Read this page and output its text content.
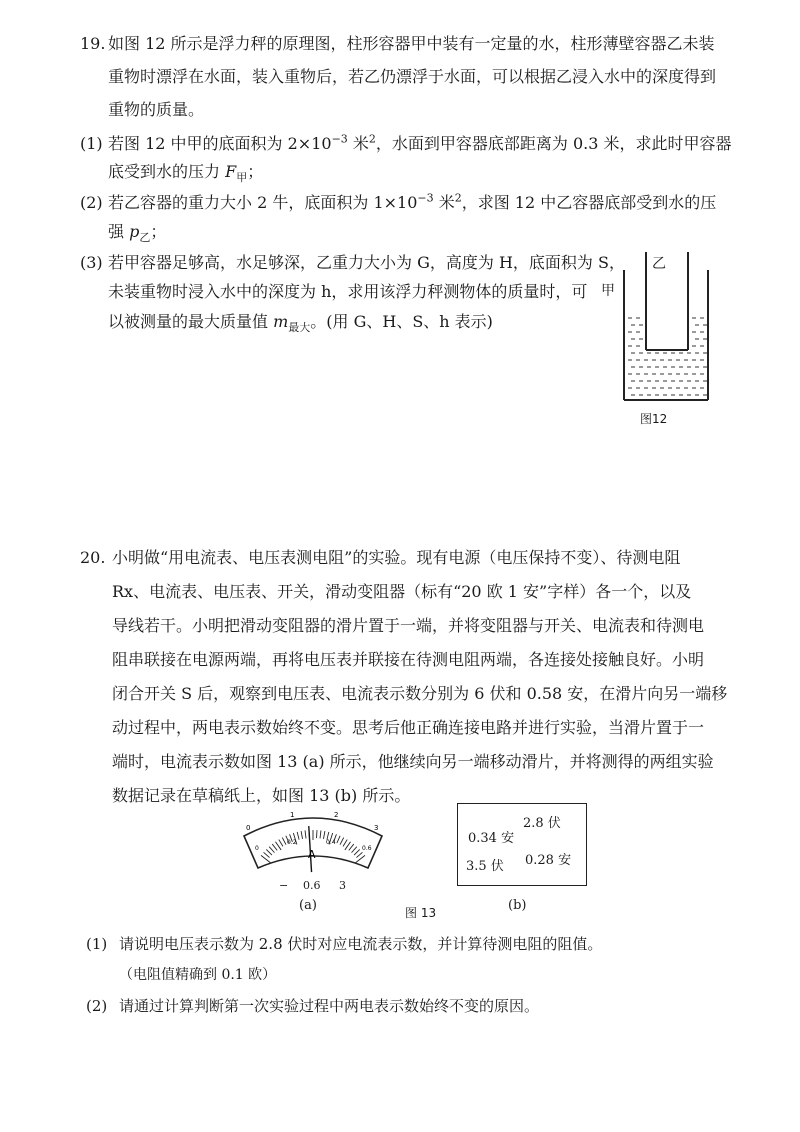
19. 如图 12 所示是浮力秤的原理图，柱形容器甲中装有一定量的水，柱形薄壁容器乙未装
重物时漂浮在水面，装入重物后，若乙仍漂浮于水面，可以根据乙浸入水中的深度得到
重物的质量。
(1) 若图 12 中甲的底面积为 $2\times 10^{-3}$ 米$^2$，水面到甲容器底部距离为 0.3 米，求此时甲容器
底受到水的压力 $F_甲$；
(2) 若乙容器的重力大小 2 牛，底面积为 $1\times 10^{-3}$ 米$^2$，求图 12 中乙容器底部受到水的压
强 $p_乙$；
(3) 若甲容器足够高，水足够深，乙重力大小为 G，高度为 H，底面积为 S，
未装重物时浸入水中的深度为 h，求用该浮力秤测物体的质量时，可
以被测量的最大质量值 $m_{最大}$。(用 G、H、S、h 表示)
甲
乙
图12
20. 小明做“用电流表、电压表测电阻”的实验。现有电源（电压保持不变）、待测电阻
Rx、电流表、电压表、开关，滑动变阻器（标有“20 欧 1 安”字样）各一个，以及
导线若干。小明把滑动变阻器的滑片置于一端，并将变阻器与开关、电流表和待测电
阻串联接在电源两端，再将电压表并联接在待测电阻两端，各连接处接触良好。小明
闭合开关 S 后，观察到电压表、电流表示数分别为 6 伏和 0.58 安，在滑片向另一端移
动过程中，两电表示数始终不变。思考后他正确连接电路并进行实验，当滑片置于一
端时，电流表示数如图 13 (a) 所示，他继续向另一端移动滑片，并将测得的两组实验
数据记录在草稿纸上，如图 13 (b) 所示。
0
1	2
3
0
0.2	0.4
0.6
A
− 0.6 3
(a)	图 13
2.8 伏
0.34 安
3.5 伏 0.28 安
(b)
(1) 请说明电压表示数为 2.8 伏时对应电流表示数，并计算待测电阻的阻值。
（电阻值精确到 0.1 欧）
(2) 请通过计算判断第一次实验过程中两电表示数始终不变的原因。
